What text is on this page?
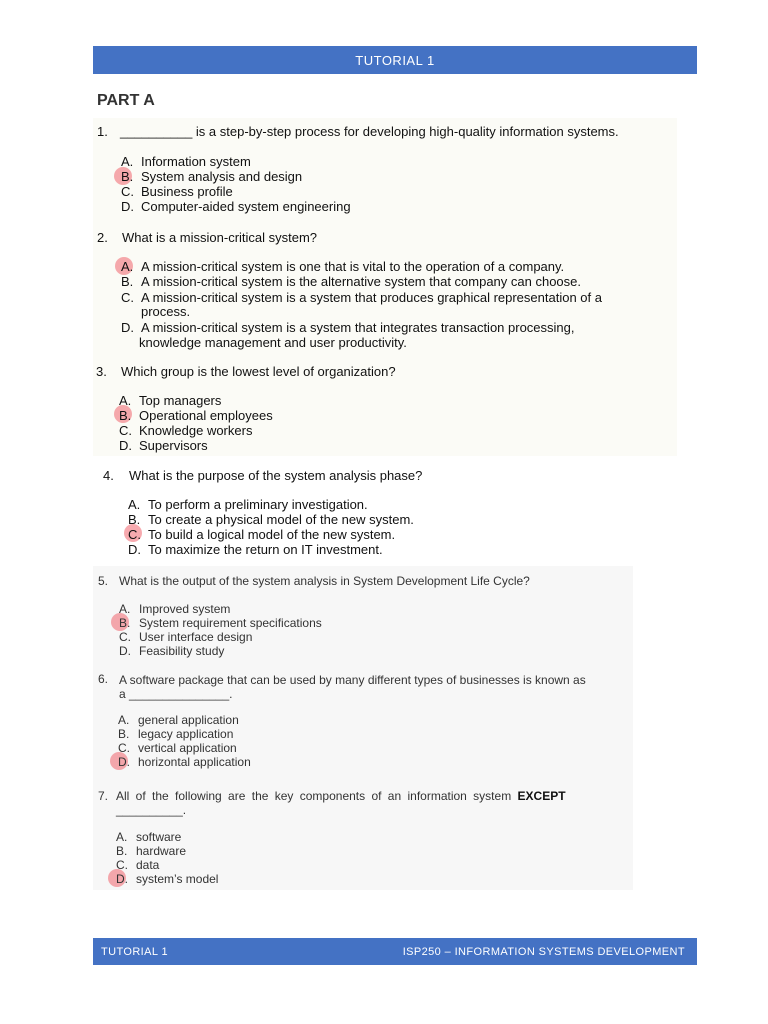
TUTORIAL 1
PART A
1. __________ is a step-by-step process for developing high-quality information systems.
A. Information system
B. System analysis and design
C. Business profile
D. Computer-aided system engineering
2. What is a mission-critical system?
A. A mission-critical system is one that is vital to the operation of a company.
B. A mission-critical system is the alternative system that company can choose.
C. A mission-critical system is a system that produces graphical representation of a
process.
D. A mission-critical system is a system that integrates transaction processing,
knowledge management and user productivity.
3. Which group is the lowest level of organization?
A. Top managers
B. Operational employees
C. Knowledge workers
D. Supervisors
4. What is the purpose of the system analysis phase?
A. To perform a preliminary investigation.
B. To create a physical model of the new system.
C. To build a logical model of the new system.
D. To maximize the return on IT investment.
5. What is the output of the system analysis in System Development Life Cycle?
A. Improved system
B. System requirement specifications
C. User interface design
D. Feasibility study
6. A software package that can be used by many different types of businesses is known as
a _______________.
A. general application
B. legacy application
C. vertical application
D. horizontal application
7. All of the following are the key components of an information system EXCEPT
__________.
A. software
B. hardware
C. data
D. system’s model
TUTORIAL 1	ISP250 – INFORMATION SYSTEMS DEVELOPMENT
